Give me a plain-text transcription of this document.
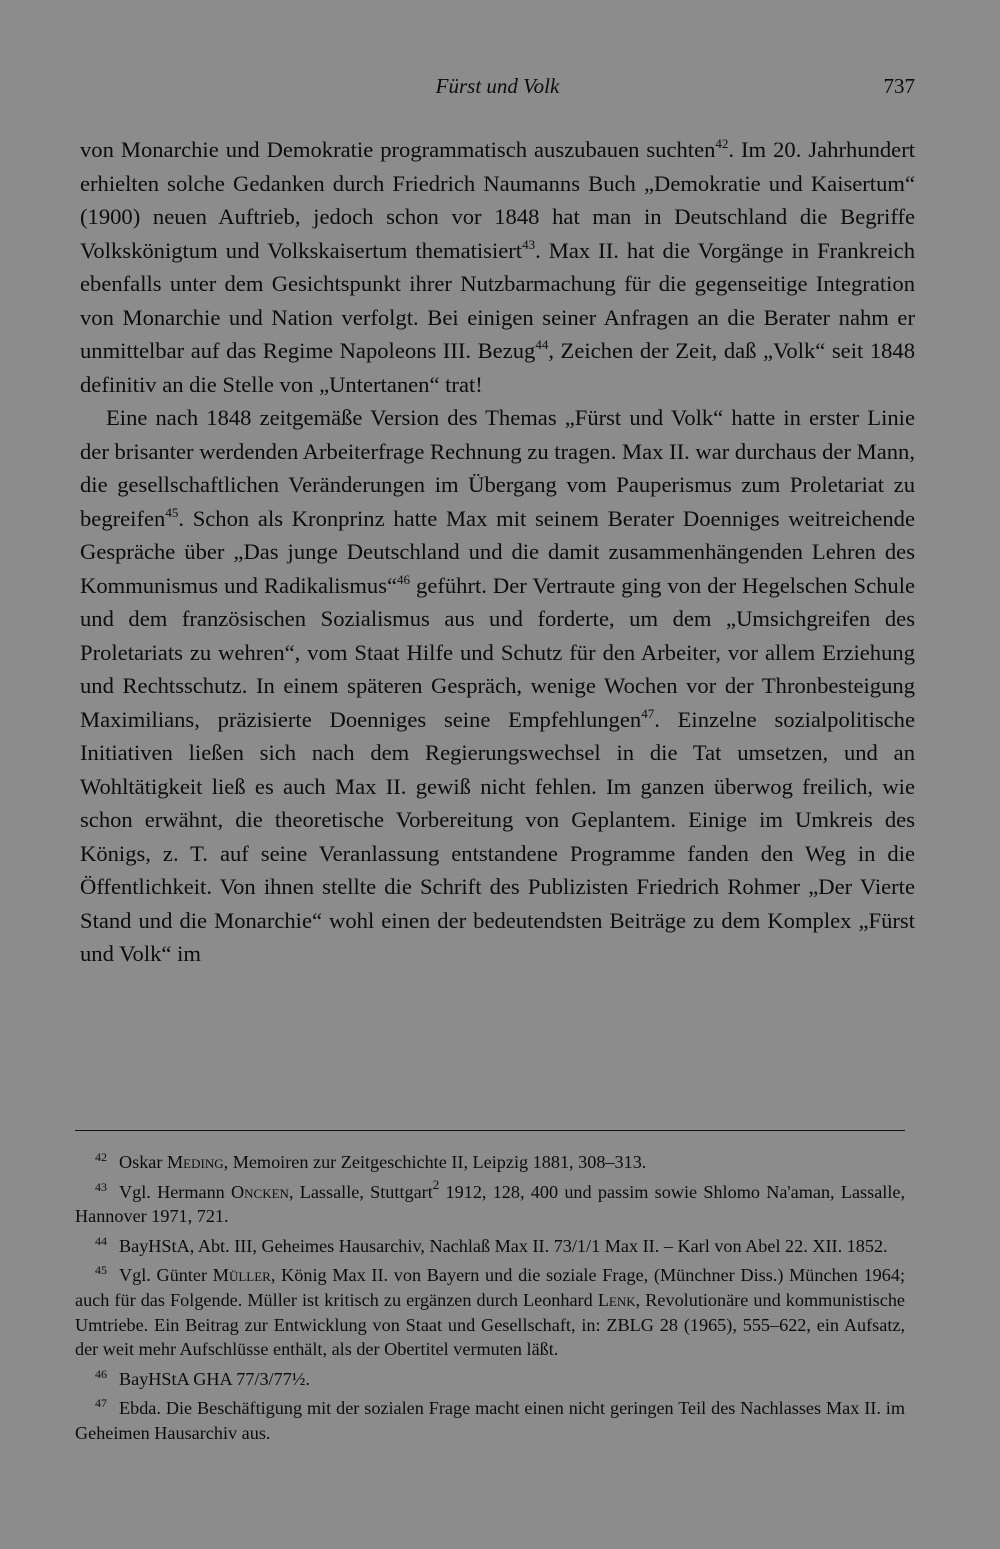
Fürst und Volk	737

von Monarchie und Demokratie programmatisch auszubauen suchten$^{42}$. Im 20. Jahrhundert erhielten solche Gedanken durch Friedrich Naumanns Buch „Demokratie und Kaisertum“ (1900) neuen Auftrieb, jedoch schon vor 1848 hat man in Deutschland die Begriffe Volkskönigtum und Volkskaisertum thematisiert$^{43}$. Max II. hat die Vorgänge in Frankreich ebenfalls unter dem Gesichtspunkt ihrer Nutzbarmachung für die gegenseitige Integration von Monarchie und Nation verfolgt. Bei einigen seiner Anfragen an die Berater nahm er unmittelbar auf das Regime Napoleons III. Bezug$^{44}$, Zeichen der Zeit, daß „Volk“ seit 1848 definitiv an die Stelle von „Untertanen“ trat!

Eine nach 1848 zeitgemäße Version des Themas „Fürst und Volk“ hatte in erster Linie der brisanter werdenden Arbeiterfrage Rechnung zu tragen. Max II. war durchaus der Mann, die gesellschaftlichen Veränderungen im Übergang vom Pauperismus zum Proletariat zu begreifen$^{45}$. Schon als Kronprinz hatte Max mit seinem Berater Doenniges weitreichende Gespräche über „Das junge Deutschland und die damit zusammenhängenden Lehren des Kommunismus und Radikalismus“$^{46}$ geführt. Der Vertraute ging von der Hegelschen Schule und dem französischen Sozialismus aus und forderte, um dem „Umsichgreifen des Proletariats zu wehren“, vom Staat Hilfe und Schutz für den Arbeiter, vor allem Erziehung und Rechtsschutz. In einem späteren Gespräch, wenige Wochen vor der Thronbesteigung Maximilians, präzisierte Doenniges seine Empfehlungen$^{47}$. Einzelne sozialpolitische Initiativen ließen sich nach dem Regierungswechsel in die Tat umsetzen, und an Wohltätigkeit ließ es auch Max II. gewiß nicht fehlen. Im ganzen überwog freilich, wie schon erwähnt, die theoretische Vorbereitung von Geplantem. Einige im Umkreis des Königs, z. T. auf seine Veranlassung entstandene Programme fanden den Weg in die Öffentlichkeit. Von ihnen stellte die Schrift des Publizisten Friedrich Rohmer „Der Vierte Stand und die Monarchie“ wohl einen der bedeutendsten Beiträge zu dem Komplex „Fürst und Volk“ im

42 Oskar Meding, Memoiren zur Zeitgeschichte II, Leipzig 1881, 308–313.

43 Vgl. Hermann Oncken, Lassalle, Stuttgart$^2$ 1912, 128, 400 und passim sowie Shlomo Na'aman, Lassalle, Hannover 1971, 721.

44 BayHStA, Abt. III, Geheimes Hausarchiv, Nachlaß Max II. 73/1/1 Max II. – Karl von Abel 22. XII. 1852.

45 Vgl. Günter Müller, König Max II. von Bayern und die soziale Frage, (Münchner Diss.) München 1964; auch für das Folgende. Müller ist kritisch zu ergänzen durch Leonhard Lenk, Revolutionäre und kommunistische Umtriebe. Ein Beitrag zur Entwicklung von Staat und Gesellschaft, in: ZBLG 28 (1965), 555–622, ein Aufsatz, der weit mehr Aufschlüsse enthält, als der Obertitel vermuten läßt.

46 BayHStA GHA 77/3/77½.

47 Ebda. Die Beschäftigung mit der sozialen Frage macht einen nicht geringen Teil des Nachlasses Max II. im Geheimen Hausarchiv aus.
